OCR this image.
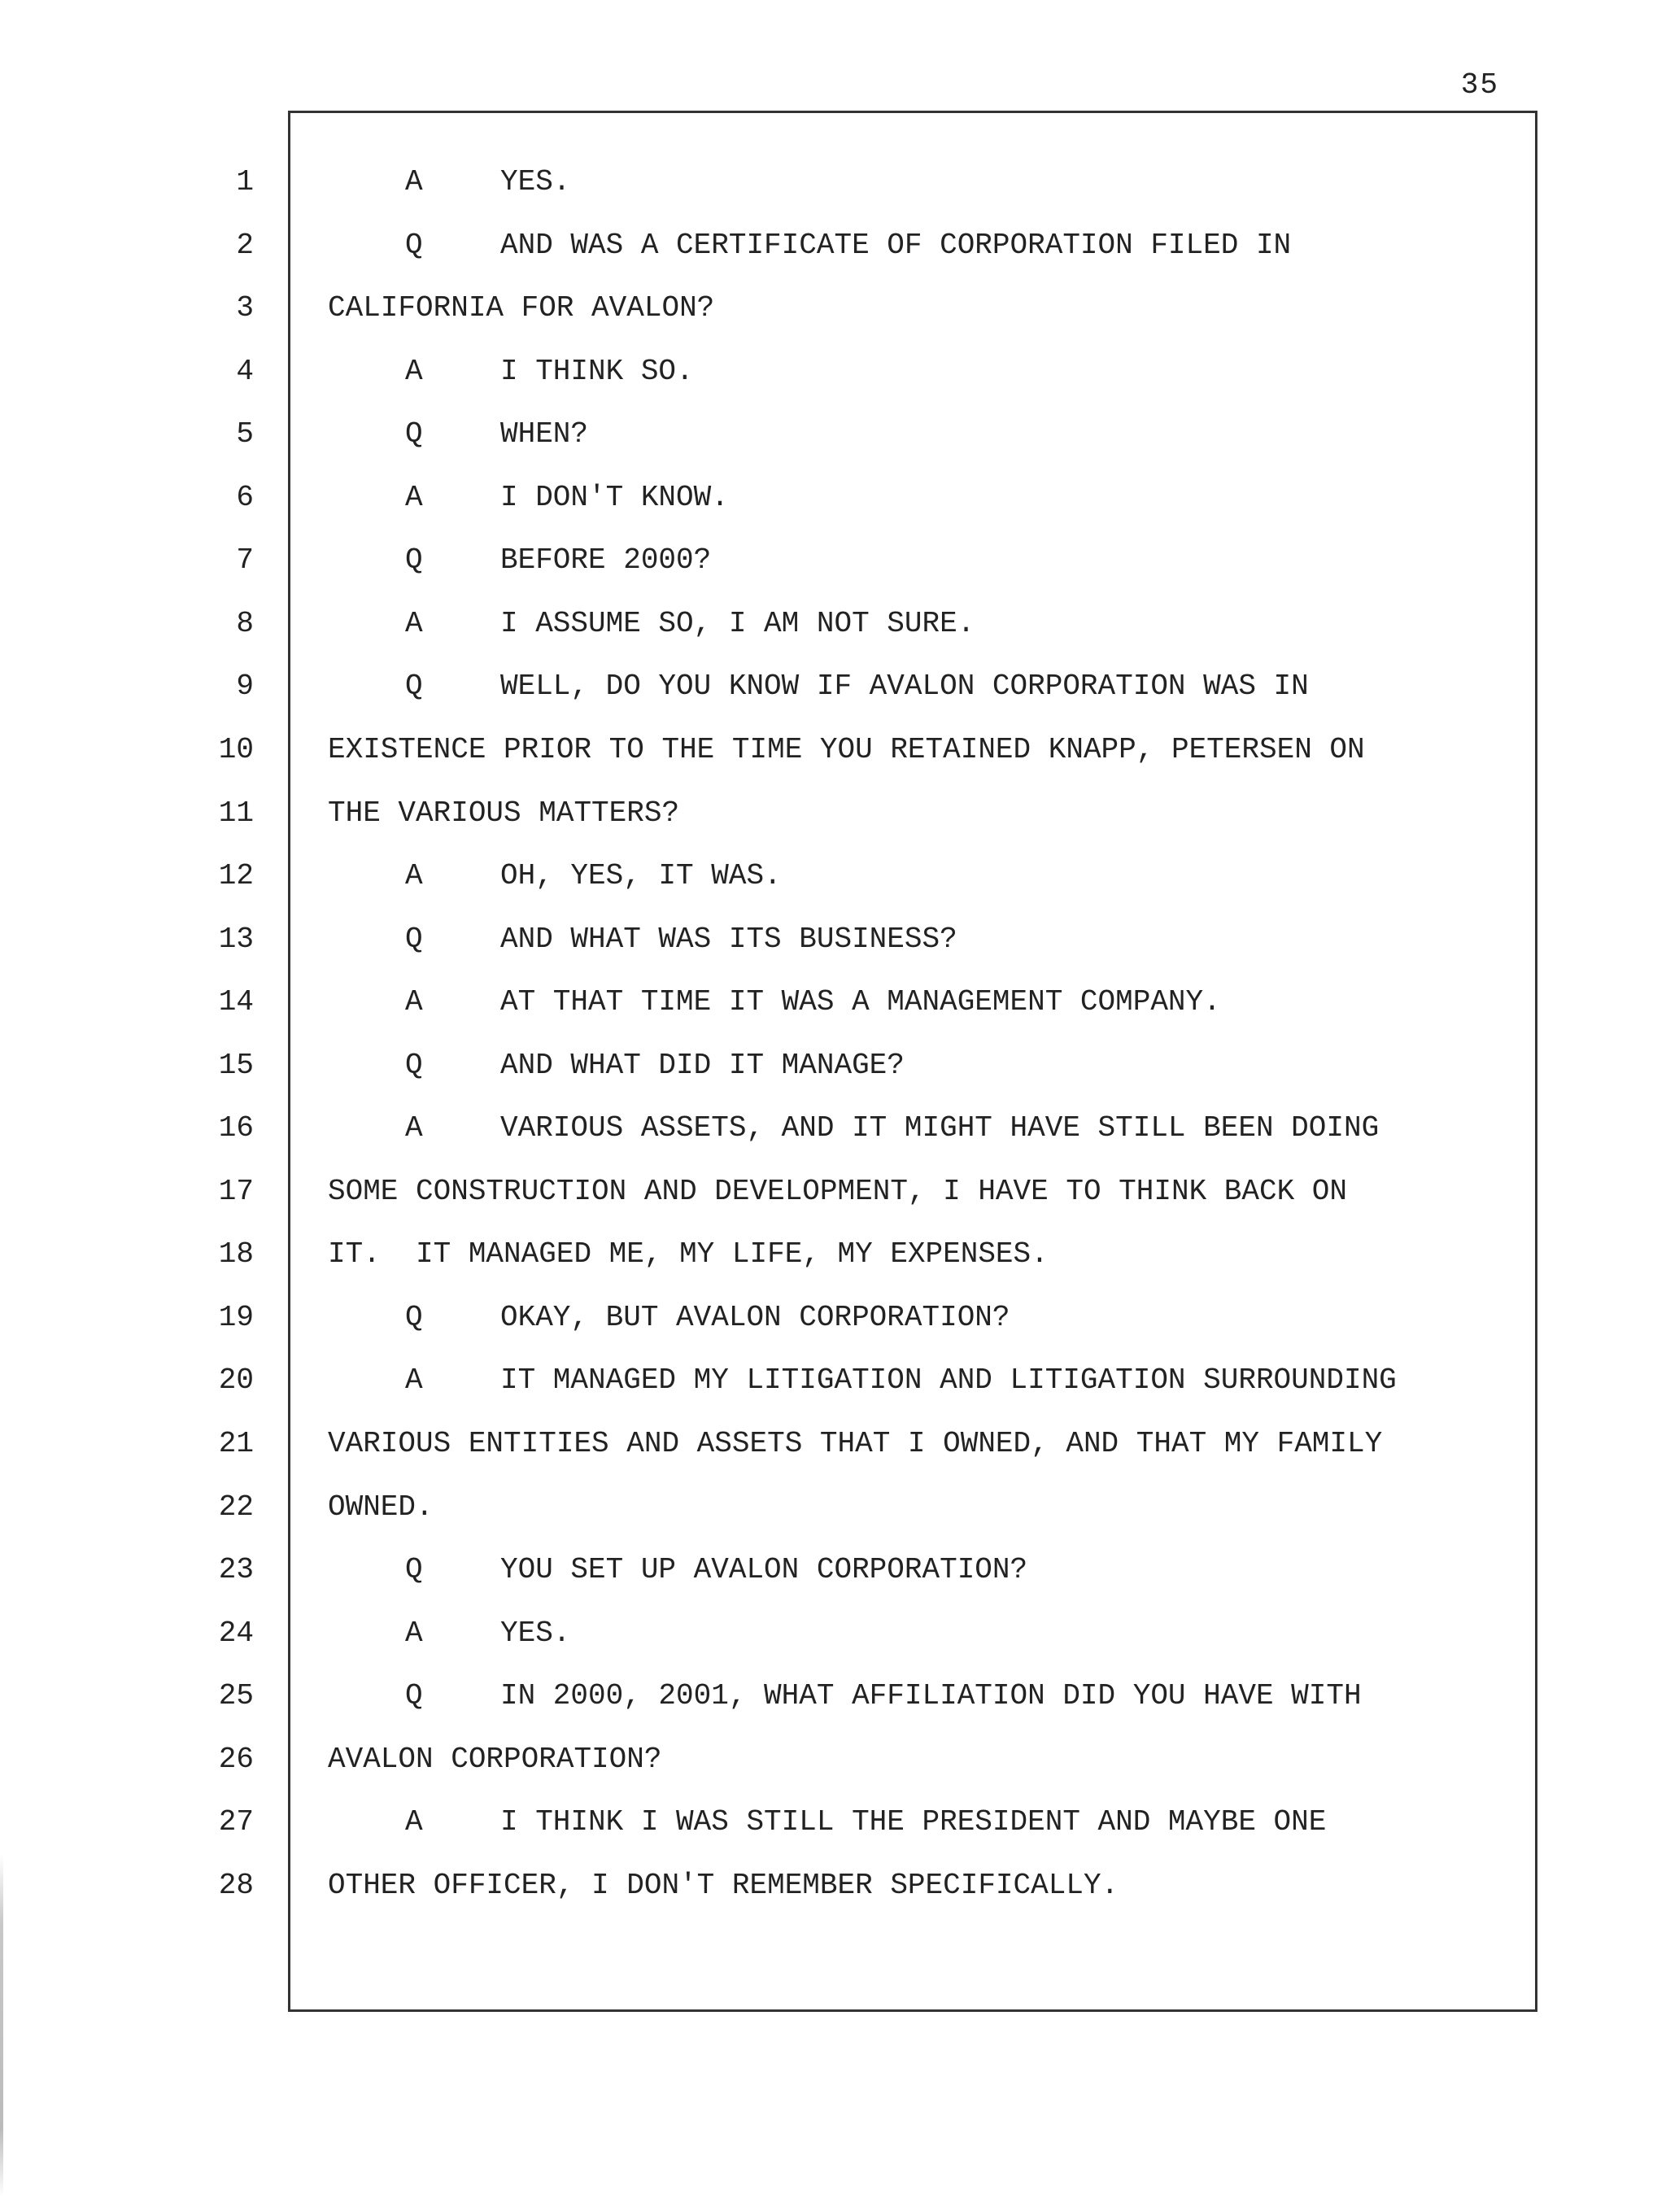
35
1	A	YES.
2	Q	AND WAS A CERTIFICATE OF CORPORATION FILED IN
3	CALIFORNIA FOR AVALON?
4	A	I THINK SO.
5	Q	WHEN?
6	A	I DON'T KNOW.
7	Q	BEFORE 2000?
8	A	I ASSUME SO, I AM NOT SURE.
9	Q	WELL, DO YOU KNOW IF AVALON CORPORATION WAS IN
10	EXISTENCE PRIOR TO THE TIME YOU RETAINED KNAPP, PETERSEN ON
11	THE VARIOUS MATTERS?
12	A	OH, YES, IT WAS.
13	Q	AND WHAT WAS ITS BUSINESS?
14	A	AT THAT TIME IT WAS A MANAGEMENT COMPANY.
15	Q	AND WHAT DID IT MANAGE?
16	A	VARIOUS ASSETS, AND IT MIGHT HAVE STILL BEEN DOING
17	SOME CONSTRUCTION AND DEVELOPMENT, I HAVE TO THINK BACK ON
18	IT.  IT MANAGED ME, MY LIFE, MY EXPENSES.
19	Q	OKAY, BUT AVALON CORPORATION?
20	A	IT MANAGED MY LITIGATION AND LITIGATION SURROUNDING
21	VARIOUS ENTITIES AND ASSETS THAT I OWNED, AND THAT MY FAMILY
22	OWNED.
23	Q	YOU SET UP AVALON CORPORATION?
24	A	YES.
25	Q	IN 2000, 2001, WHAT AFFILIATION DID YOU HAVE WITH
26	AVALON CORPORATION?
27	A	I THINK I WAS STILL THE PRESIDENT AND MAYBE ONE
28	OTHER OFFICER, I DON'T REMEMBER SPECIFICALLY.
